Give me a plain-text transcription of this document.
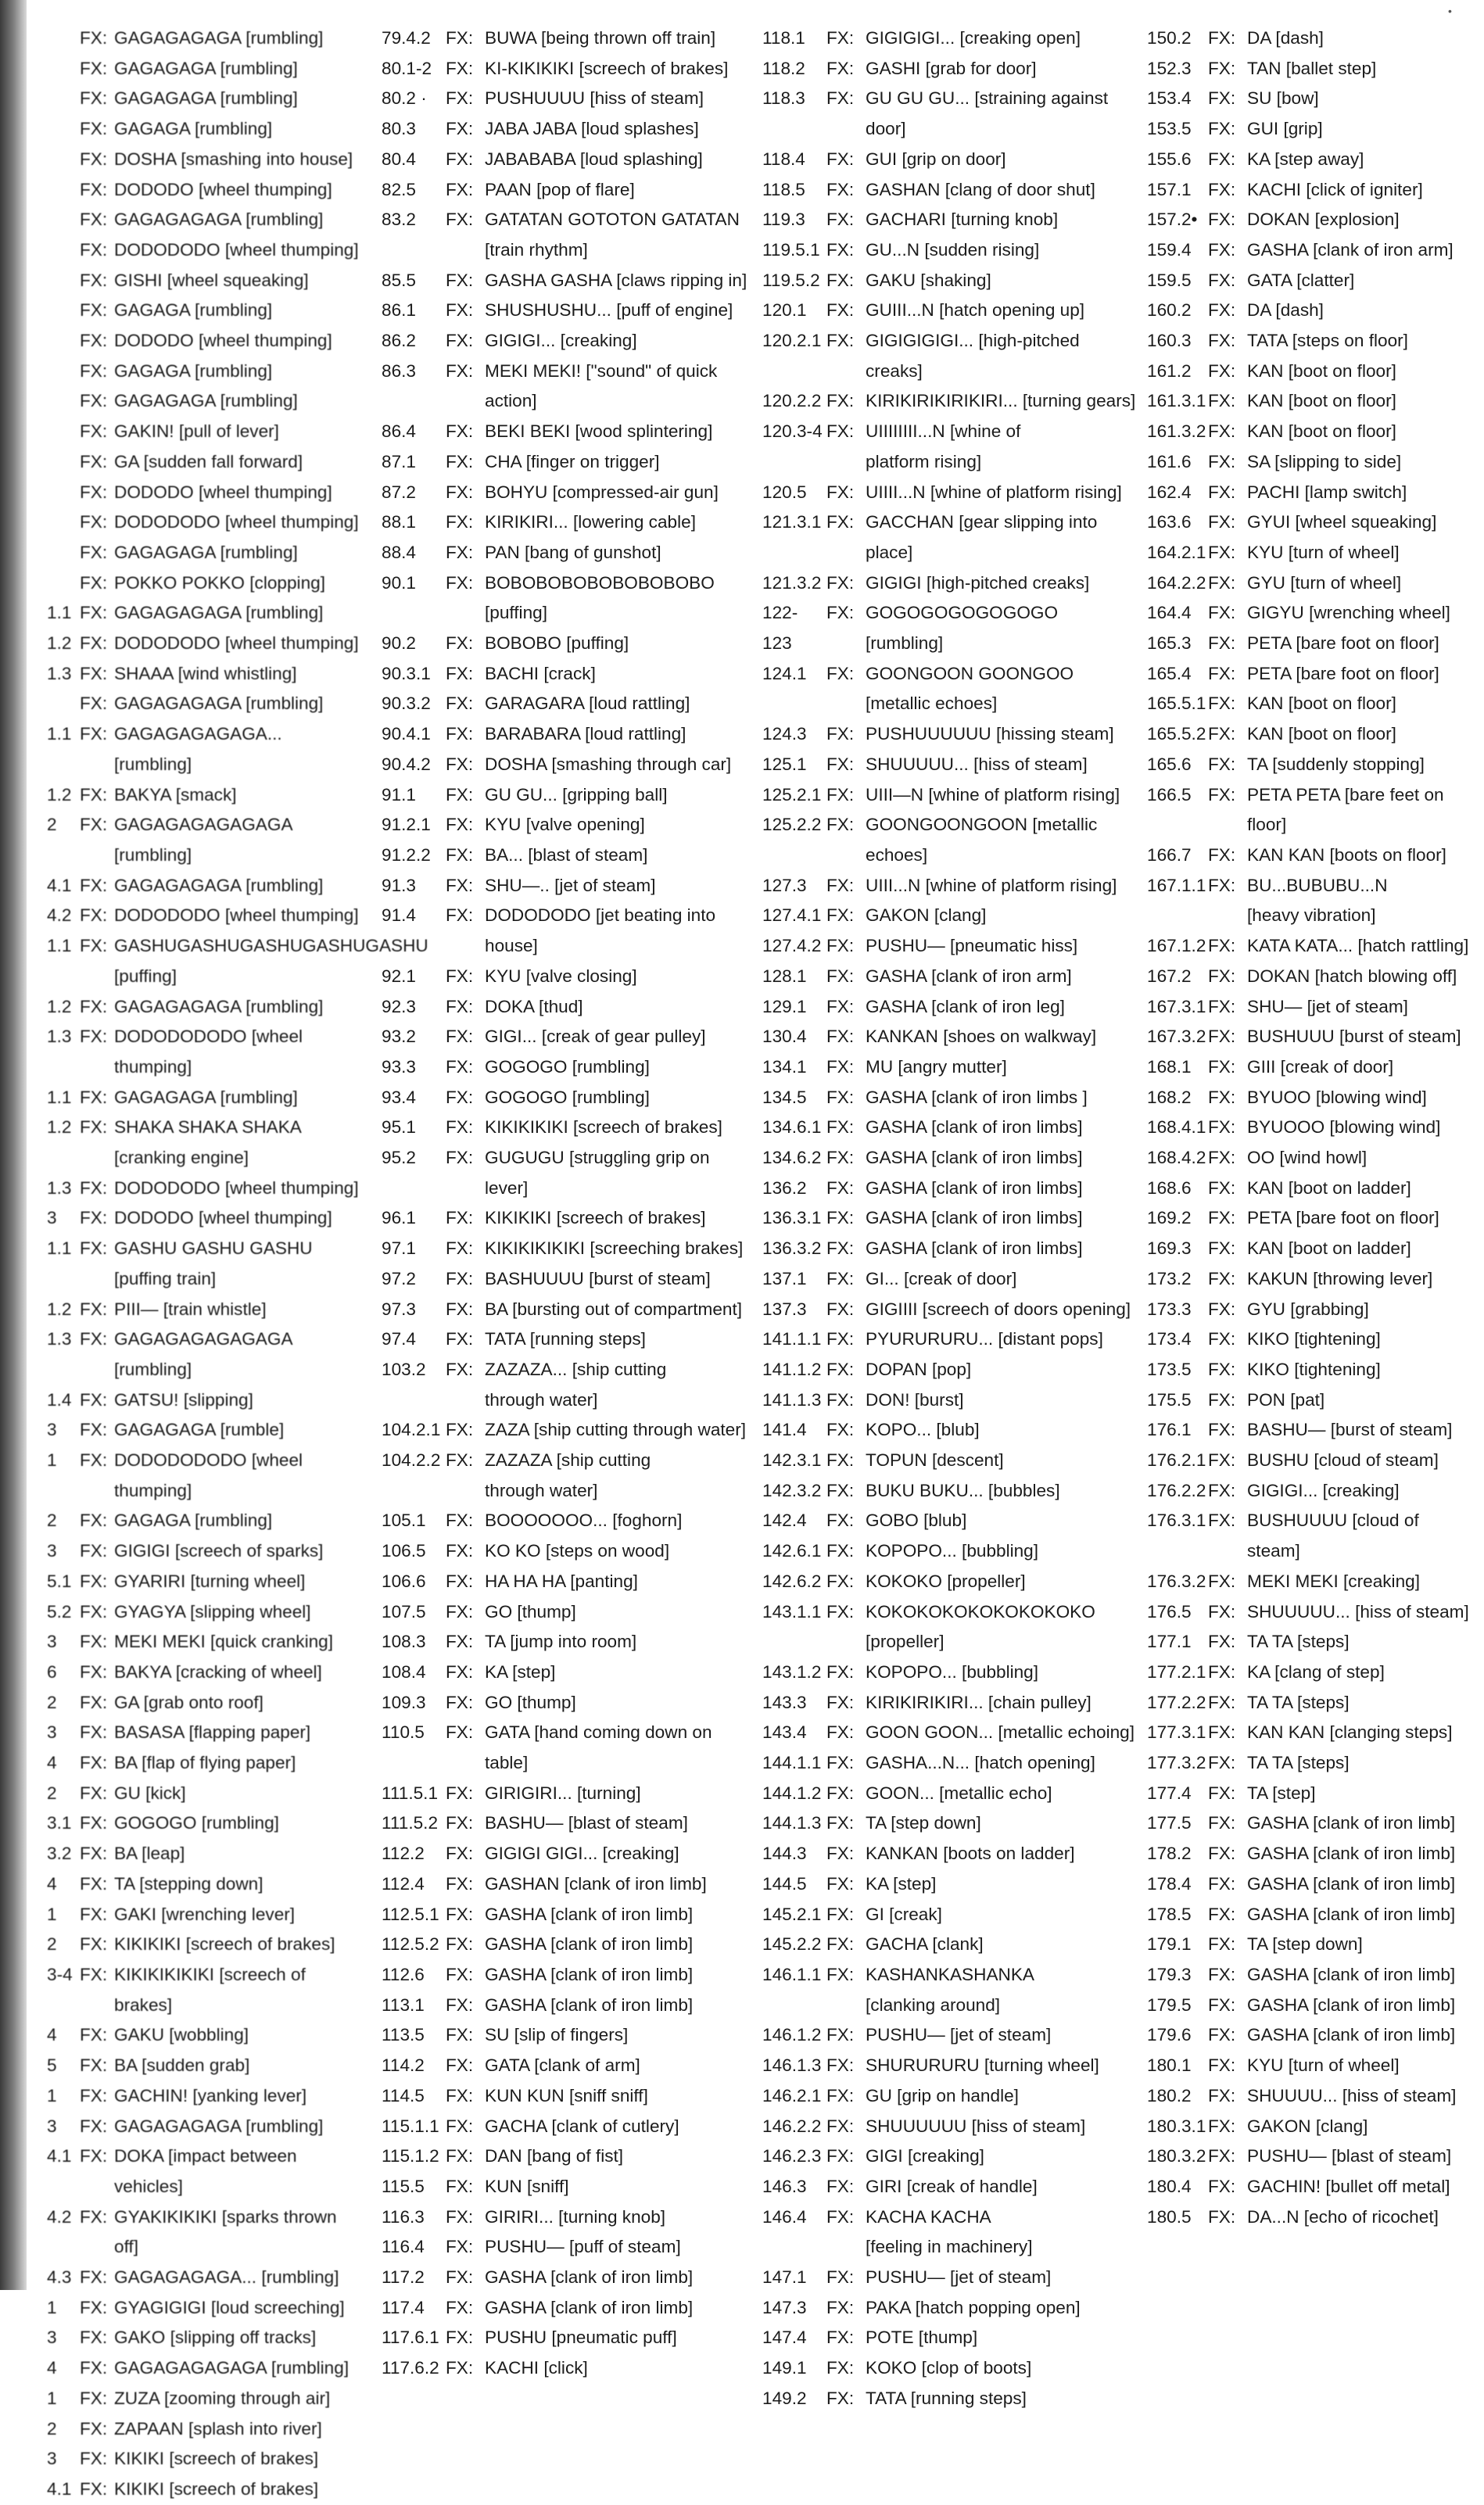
•
FX: GAGAGAGAGA [rumbling]
FX: GAGAGAGA [rumbling]
FX: GAGAGAGA [rumbling]
FX: GAGAGA [rumbling]
FX: DOSHA [smashing into house]
FX: DODODO [wheel thumping]
FX: GAGAGAGAGA [rumbling]
FX: DODODODO [wheel thumping]
FX: GISHI [wheel squeaking]
FX: GAGAGA [rumbling]
FX: DODODO [wheel thumping]
FX: GAGAGA [rumbling]
FX: GAGAGAGA [rumbling]
FX: GAKIN! [pull of lever]
FX: GA [sudden fall forward]
FX: DODODO [wheel thumping]
FX: DODODODO [wheel thumping]
FX: GAGAGAGA [rumbling]
FX: POKKO POKKO [clopping]
1.1 FX: GAGAGAGAGA [rumbling]
1.2 FX: DODODODO [wheel thumping]
1.3 FX: SHAAA [wind whistling]
FX: GAGAGAGAGA [rumbling]
1.1 FX: GAGAGAGAGAGA... [rumbling]
1.2 FX: BAKYA [smack]
2	FX: GAGAGAGAGAGAGA [rumbling]
4.1 FX: GAGAGAGAGA [rumbling]
4.2 FX: DODODODO [wheel thumping]
1.1 FX: GASHUGASHUGASHUGASHUGASHU
[puffing]
1.2 FX: GAGAGAGAGA [rumbling]
1.3 FX: DODODODODO [wheel thumping]
1.1 FX: GAGAGAGA [rumbling]
1.2 FX: SHAKA SHAKA SHAKA
[cranking engine]
1.3 FX: DODODODO [wheel thumping]
3	FX: DODODO [wheel thumping]
1.1 FX: GASHU GASHU GASHU [puffing train]
1.2 FX: PIII— [train whistle]
1.3 FX: GAGAGAGAGAGAGA [rumbling]
1.4 FX: GATSU! [slipping]
3	FX: GAGAGAGA [rumble]
1	FX: DODODODODO [wheel thumping]
2	FX: GAGAGA [rumbling]
3	FX: GIGIGI [screech of sparks]
5.1 FX: GYARIRI [turning wheel]
5.2 FX: GYAGYA [slipping wheel]
3	FX: MEKI MEKI [quick cranking]
6	FX: BAKYA [cracking of wheel]
2	FX: GA [grab onto roof]
3	FX: BASASA [flapping paper]
4	FX: BA [flap of flying paper]
2	FX: GU [kick]
3.1 FX: GOGOGO [rumbling]
3.2 FX: BA [leap]
4	FX: TA [stepping down]
1	FX: GAKI [wrenching lever]
2	FX: KIKIKIKI [screech of brakes]
3-4 FX: KIKIKIKIKIKI [screech of brakes]
4	FX: GAKU [wobbling]
5	FX: BA [sudden grab]
1	FX: GACHIN! [yanking lever]
3	FX: GAGAGAGAGA [rumbling]
4.1 FX: DOKA [impact between vehicles]
4.2 FX: GYAKIKIKIKI [sparks thrown off]
4.3 FX: GAGAGAGAGA... [rumbling]
1	FX: GYAGIGIGI [loud screeching]
3	FX: GAKO [slipping off tracks]
4	FX: GAGAGAGAGAGA [rumbling]
1	FX: ZUZA [zooming through air]
2	FX: ZAPAAN [splash into river]
3	FX: KIKIKI [screech of brakes]
4.1 FX: KIKIKI [screech of brakes]
79.4.2 FX: BUWA [being thrown off train]
80.1-2 FX: KI-KIKIKIKI [screech of brakes]
80.2 ·	FX: PUSHUUUU [hiss of steam]
80.3	FX: JABA JABA [loud splashes]
80.4	FX: JABABABA [loud splashing]
82.5	FX: PAAN [pop of flare]
83.2	FX: GATATAN GOTOTON GATATAN
[train rhythm]
85.5	FX: GASHA GASHA [claws ripping in]
86.1	FX: SHUSHUSHU... [puff of engine]
86.2	FX: GIGIGI... [creaking]
86.3	FX: MEKI MEKI! ["sound" of quick action]
86.4	FX: BEKI BEKI [wood splintering]
87.1	FX: CHA [finger on trigger]
87.2	FX: BOHYU [compressed-air gun]
88.1	FX: KIRIKIRI... [lowering cable]
88.4	FX: PAN [bang of gunshot]
90.1	FX: BOBOBOBOBOBOBOBOBO [puffing]
90.2	FX: BOBOBO [puffing]
90.3.1 FX: BACHI [crack]
90.3.2 FX: GARAGARA [loud rattling]
90.4.1 FX: BARABARA [loud rattling]
90.4.2 FX: DOSHA [smashing through car]
91.1	FX: GU GU... [gripping ball]
91.2.1 FX: KYU [valve opening]
91.2.2 FX: BA... [blast of steam]
91.3	FX: SHU—.. [jet of steam]
91.4	FX: DODODODO [jet beating into house]
92.1	FX: KYU [valve closing]
92.3	FX: DOKA [thud]
93.2	FX: GIGI... [creak of gear pulley]
93.3	FX: GOGOGO [rumbling]
93.4	FX: GOGOGO [rumbling]
95.1	FX: KIKIKIKIKI [screech of brakes]
95.2	FX: GUGUGU [struggling grip on lever]
96.1	FX: KIKIKIKI [screech of brakes]
97.1	FX: KIKIKIKIKIKI [screeching brakes]
97.2	FX: BASHUUUU [burst of steam]
97.3	FX: BA [bursting out of compartment]
97.4	FX: TATA [running steps]
103.2	FX: ZAZAZA... [ship cutting
through water]
104.2.1 FX: ZAZA [ship cutting through water]
104.2.2 FX: ZAZAZA [ship cutting
through water]
105.1	FX: BOOOOOOO... [foghorn]
106.5	FX: KO KO [steps on wood]
106.6	FX: HA HA HA [panting]
107.5	FX: GO [thump]
108.3	FX: TA [jump into room]
108.4	FX: KA [step]
109.3	FX: GO [thump]
110.5	FX: GATA [hand coming down on table]
111.5.1 FX: GIRIGIRI... [turning]
111.5.2 FX: BASHU— [blast of steam]
112.2	FX: GIGIGI GIGI... [creaking]
112.4	FX: GASHAN [clank of iron limb]
112.5.1 FX: GASHA [clank of iron limb]
112.5.2 FX: GASHA [clank of iron limb]
112.6	FX: GASHA [clank of iron limb]
113.1	FX: GASHA [clank of iron limb]
113.5	FX: SU [slip of fingers]
114.2	FX: GATA [clank of arm]
114.5	FX: KUN KUN [sniff sniff]
115.1.1 FX: GACHA [clank of cutlery]
115.1.2 FX: DAN [bang of fist]
115.5	FX: KUN [sniff]
116.3	FX: GIRIRI... [turning knob]
116.4	FX: PUSHU— [puff of steam]
117.2	FX: GASHA [clank of iron limb]
117.4	FX: GASHA [clank of iron limb]
117.6.1 FX: PUSHU [pneumatic puff]
117.6.2 FX: KACHI [click]
118.1	FX: GIGIGIGI... [creaking open]
118.2	FX: GASHI [grab for door]
118.3	FX: GU GU GU... [straining against door]
118.4	FX: GUI [grip on door]
118.5	FX: GASHAN [clang of door shut]
119.3	FX: GACHARI [turning knob]
119.5.1 FX: GU...N [sudden rising]
119.5.2 FX: GAKU [shaking]
120.1	FX: GUIII...N [hatch opening up]
120.2.1 FX: GIGIGIGIGI... [high-pitched creaks]
120.2.2 FX: KIRIKIRIKIRIKIRI... [turning gears]
120.3-4 FX: UIIIIIIII...N [whine of
platform rising]
120.5	FX: UIIII...N [whine of platform rising]
121.3.1 FX: GACCHAN [gear slipping into place]
121.3.2 FX: GIGIGI [high-pitched creaks]
122-123
FX: GOGOGOGOGOGOGO [rumbling]
124.1	FX: GOONGOON GOONGOO
[metallic echoes]
124.3	FX: PUSHUUUUUU [hissing steam]
125.1	FX: SHUUUUU... [hiss of steam]
125.2.1 FX: UIII—N [whine of platform rising]
125.2.2 FX: GOONGOONGOON [metallic echoes]
127.3	FX: UIII...N [whine of platform rising]
127.4.1 FX: GAKON [clang]
127.4.2 FX: PUSHU— [pneumatic hiss]
128.1	FX: GASHA [clank of iron arm]
129.1	FX: GASHA [clank of iron leg]
130.4	FX: KANKAN [shoes on walkway]
134.1	FX: MU [angry mutter]
134.5	FX: GASHA [clank of iron limbs ]
134.6.1 FX: GASHA [clank of iron limbs]
134.6.2 FX: GASHA [clank of iron limbs]
136.2	FX: GASHA [clank of iron limbs]
136.3.1 FX: GASHA [clank of iron limbs]
136.3.2 FX: GASHA [clank of iron limbs]
137.1	FX: GI... [creak of door]
137.3	FX: GIGIIII [screech of doors opening]
141.1.1 FX: PYURURURU... [distant pops]
141.1.2 FX: DOPAN [pop]
141.1.3 FX: DON! [burst]
141.4	FX: KOPO... [blub]
142.3.1 FX: TOPUN [descent]
142.3.2 FX: BUKU BUKU... [bubbles]
142.4	FX: GOBO [blub]
142.6.1 FX: KOPOPO... [bubbling]
142.6.2 FX: KOKOKO [propeller]
143.1.1 FX: KOKOKOKOKOKOKOKOKO [propeller]
143.1.2 FX: KOPOPO... [bubbling]
143.3	FX: KIRIKIRIKIRI... [chain pulley]
143.4	FX: GOON GOON... [metallic echoing]
144.1.1 FX: GASHA...N... [hatch opening]
144.1.2 FX: GOON... [metallic echo]
144.1.3 FX: TA [step down]
144.3	FX: KANKAN [boots on ladder]
144.5	FX: KA [step]
145.2.1 FX: GI [creak]
145.2.2 FX: GACHA [clank]
146.1.1 FX: KASHANKASHANKA
[clanking around]
146.1.2 FX: PUSHU— [jet of steam]
146.1.3 FX: SHURURURU [turning wheel]
146.2.1 FX: GU [grip on handle]
146.2.2 FX: SHUUUUUU [hiss of steam]
146.2.3 FX: GIGI [creaking]
146.3	FX: GIRI [creak of handle]
146.4	FX: KACHA KACHA
[feeling in machinery]
147.1	FX: PUSHU— [jet of steam]
147.3	FX: PAKA [hatch popping open]
147.4	FX: POTE [thump]
149.1	FX: KOKO [clop of boots]
149.2	FX: TATA [running steps]
150.2 FX: DA [dash]
152.3 FX: TAN [ballet step]
153.4 FX: SU [bow]
153.5 FX: GUI [grip]
155.6 FX: KA [step away]
157.1 FX: KACHI [click of igniter]
157.2• FX: DOKAN [explosion]
159.4 FX: GASHA [clank of iron arm]
159.5 FX: GATA [clatter]
160.2 FX: DA [dash]
160.3 FX: TATA [steps on floor]
161.2 FX: KAN [boot on floor]
161.3.1 FX: KAN [boot on floor]
161.3.2 FX: KAN [boot on floor]
161.6 FX: SA [slipping to side]
162.4 FX: PACHI [lamp switch]
163.6 FX: GYUI [wheel squeaking]
164.2.1 FX: KYU [turn of wheel]
164.2.2 FX: GYU [turn of wheel]
164.4 FX: GIGYU [wrenching wheel]
165.3 FX: PETA [bare foot on floor]
165.4 FX: PETA [bare foot on floor]
165.5.1 FX: KAN [boot on floor]
165.5.2 FX: KAN [boot on floor]
165.6 FX: TA [suddenly stopping]
166.5 FX: PETA PETA [bare feet on floor]
166.7 FX: KAN KAN [boots on floor]
167.1.1 FX: BU...BUBUBU...N
[heavy vibration]
167.1.2 FX: KATA KATA... [hatch rattling]
167.2 FX: DOKAN [hatch blowing off]
167.3.1 FX: SHU— [jet of steam]
167.3.2 FX: BUSHUUU [burst of steam]
168.1 FX: GIII [creak of door]
168.2 FX: BYUOO [blowing wind]
168.4.1 FX: BYUOOO [blowing wind]
168.4.2 FX: OO [wind howl]
168.6 FX: KAN [boot on ladder]
169.2 FX: PETA [bare foot on floor]
169.3 FX: KAN [boot on ladder]
173.2 FX: KAKUN [throwing lever]
173.3 FX: GYU [grabbing]
173.4 FX: KIKO [tightening]
173.5 FX: KIKO [tightening]
175.5 FX: PON [pat]
176.1 FX: BASHU— [burst of steam]
176.2.1 FX: BUSHU [cloud of steam]
176.2.2 FX: GIGIGI... [creaking]
176.3.1 FX: BUSHUUUU [cloud of steam]
176.3.2 FX: MEKI MEKI [creaking]
176.5 FX: SHUUUUU... [hiss of steam]
177.1 FX: TA TA [steps]
177.2.1 FX: KA [clang of step]
177.2.2 FX: TA TA [steps]
177.3.1 FX: KAN KAN [clanging steps]
177.3.2 FX: TA TA [steps]
177.4 FX: TA [step]
177.5 FX: GASHA [clank of iron limb]
178.2 FX: GASHA [clank of iron limb]
178.4 FX: GASHA [clank of iron limb]
178.5 FX: GASHA [clank of iron limb]
179.1 FX: TA [step down]
179.3 FX: GASHA [clank of iron limb]
179.5 FX: GASHA [clank of iron limb]
179.6 FX: GASHA [clank of iron limb]
180.1 FX: KYU [turn of wheel]
180.2 FX: SHUUUU... [hiss of steam]
180.3.1 FX: GAKON [clang]
180.3.2 FX: PUSHU— [blast of steam]
180.4 FX: GACHIN! [bullet off metal]
180.5 FX: DA...N [echo of ricochet]
